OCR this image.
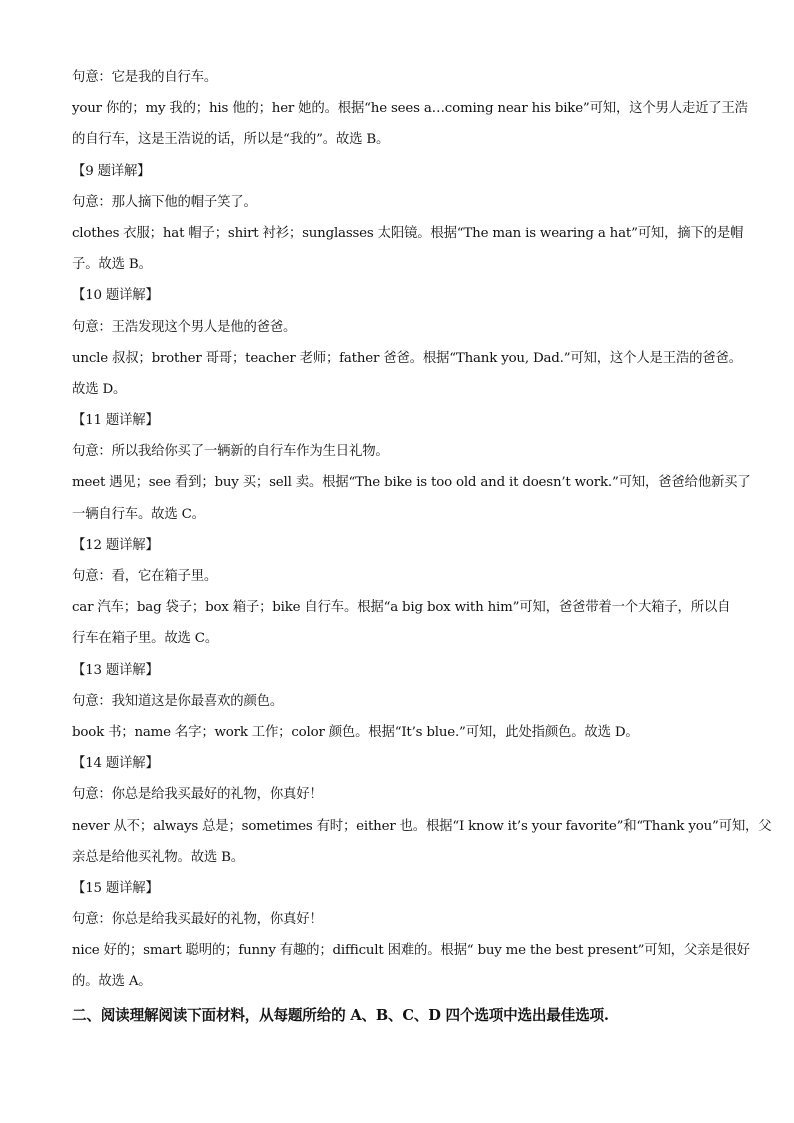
句意：它是我的自行车。
your 你的；my 我的；his 他的；her 她的。根据“he sees a…coming near his bike”可知，这个男人走近了王浩
的自行车，这是王浩说的话，所以是“我的”。故选 B。
【9 题详解】
句意：那人摘下他的帽子笑了。
clothes 衣服；hat 帽子；shirt 衬衫；sunglasses 太阳镜。根据“The man is wearing a hat”可知，摘下的是帽
子。故选 B。
【10 题详解】
句意：王浩发现这个男人是他的爸爸。
uncle 叔叔；brother 哥哥；teacher 老师；father 爸爸。根据“Thank you, Dad.”可知，这个人是王浩的爸爸。
故选 D。
【11 题详解】
句意：所以我给你买了一辆新的自行车作为生日礼物。
meet 遇见；see 看到；buy 买；sell 卖。根据“The bike is too old and it doesn’t work.”可知，爸爸给他新买了
一辆自行车。故选 C。
【12 题详解】
句意：看，它在箱子里。
car 汽车；bag 袋子；box 箱子；bike 自行车。根据“a big box with him”可知，爸爸带着一个大箱子，所以自
行车在箱子里。故选 C。
【13 题详解】
句意：我知道这是你最喜欢的颜色。
book 书；name 名字；work 工作；color 颜色。根据“It’s blue.”可知，此处指颜色。故选 D。
【14 题详解】
句意：你总是给我买最好的礼物，你真好！
never 从不；always 总是；sometimes 有时；either 也。根据“I know it’s your favorite”和“Thank you”可知，父
亲总是给他买礼物。故选 B。
【15 题详解】
句意：你总是给我买最好的礼物，你真好！
nice 好的；smart 聪明的；funny 有趣的；difficult 困难的。根据“ buy me the best present”可知，父亲是很好
的。故选 A。
二、阅读理解阅读下面材料，从每题所给的 A、B、C、D 四个选项中选出最佳选项.
